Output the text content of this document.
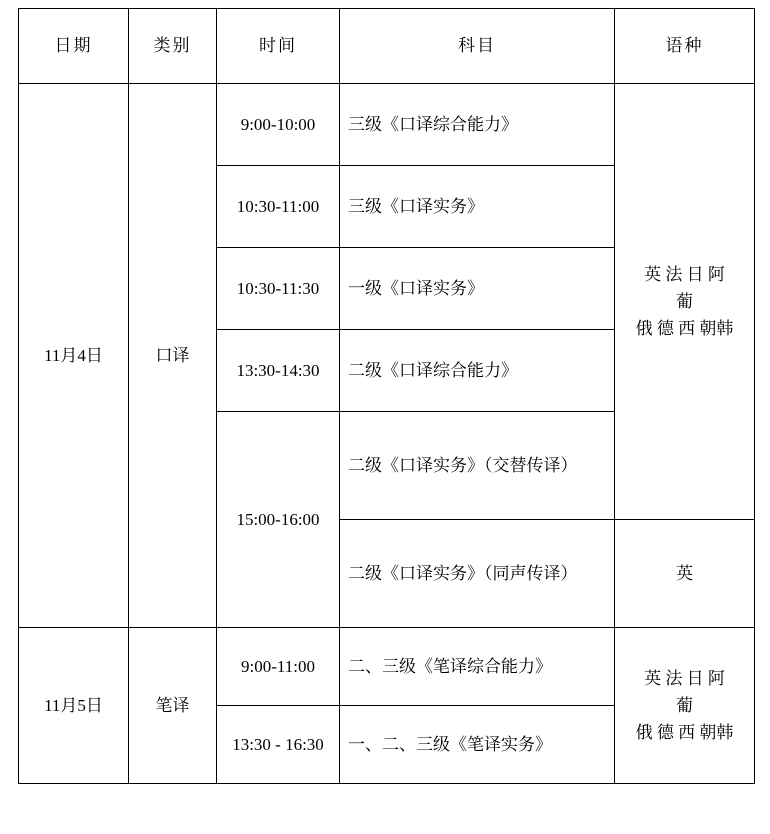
日期	类别	时间	科目	语种
11月4日	口译	9:00-10:00	三级《口译综合能力》	英 法 日 阿
葡
俄 德 西 朝韩

		10:30-11:00	三级《口译实务》	
		10:30-11:30	一级《口译实务》	
		13:30-14:30	二级《口译综合能力》	
		15:00-16:00	二级《口译实务》（交替传译）	
			二级《口译实务》（同声传译）	英
11月5日	笔译	9:00-11:00	二、三级《笔译综合能力》	英 法 日 阿
葡
俄 德 西 朝韩

		13:30 - 16:30	一、二、三级《笔译实务》	
